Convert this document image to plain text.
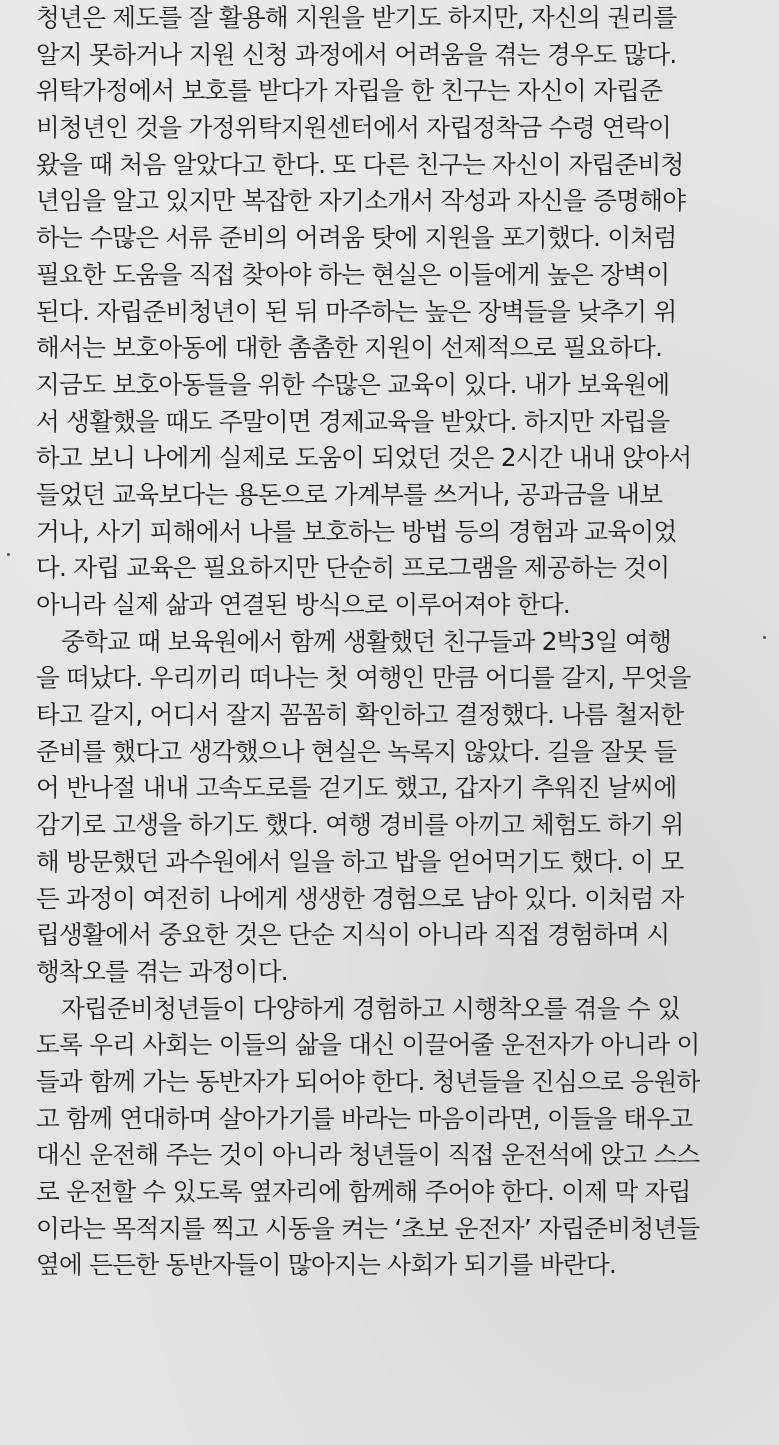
청년은 제도를 잘 활용해 지원을 받기도 하지만, 자신의 권리를
알지 못하거나 지원 신청 과정에서 어려움을 겪는 경우도 많다.
위탁가정에서 보호를 받다가 자립을 한 친구는 자신이 자립준
비청년인 것을 가정위탁지원센터에서 자립정착금 수령 연락이
왔을 때 처음 알았다고 한다. 또 다른 친구는 자신이 자립준비청
년임을 알고 있지만 복잡한 자기소개서 작성과 자신을 증명해야
하는 수많은 서류 준비의 어려움 탓에 지원을 포기했다. 이처럼
필요한 도움을 직접 찾아야 하는 현실은 이들에게 높은 장벽이
된다. 자립준비청년이 된 뒤 마주하는 높은 장벽들을 낮추기 위
해서는 보호아동에 대한 촘촘한 지원이 선제적으로 필요하다.
지금도 보호아동들을 위한 수많은 교육이 있다. 내가 보육원에
서 생활했을 때도 주말이면 경제교육을 받았다. 하지만 자립을
하고 보니 나에게 실제로 도움이 되었던 것은 2시간 내내 앉아서
들었던 교육보다는 용돈으로 가계부를 쓰거나, 공과금을 내보
거나, 사기 피해에서 나를 보호하는 방법 등의 경험과 교육이었
다. 자립 교육은 필요하지만 단순히 프로그램을 제공하는 것이
아니라 실제 삶과 연결된 방식으로 이루어져야 한다.
중학교 때 보육원에서 함께 생활했던 친구들과 2박3일 여행
을 떠났다. 우리끼리 떠나는 첫 여행인 만큼 어디를 갈지, 무엇을
타고 갈지, 어디서 잘지 꼼꼼히 확인하고 결정했다. 나름 철저한
준비를 했다고 생각했으나 현실은 녹록지 않았다. 길을 잘못 들
어 반나절 내내 고속도로를 걷기도 했고, 갑자기 추워진 날씨에
감기로 고생을 하기도 했다. 여행 경비를 아끼고 체험도 하기 위
해 방문했던 과수원에서 일을 하고 밥을 얻어먹기도 했다. 이 모
든 과정이 여전히 나에게 생생한 경험으로 남아 있다. 이처럼 자
립생활에서 중요한 것은 단순 지식이 아니라 직접 경험하며 시
행착오를 겪는 과정이다.
자립준비청년들이 다양하게 경험하고 시행착오를 겪을 수 있
도록 우리 사회는 이들의 삶을 대신 이끌어줄 운전자가 아니라 이
들과 함께 가는 동반자가 되어야 한다. 청년들을 진심으로 응원하
고 함께 연대하며 살아가기를 바라는 마음이라면, 이들을 태우고
대신 운전해 주는 것이 아니라 청년들이 직접 운전석에 앉고 스스
로 운전할 수 있도록 옆자리에 함께해 주어야 한다. 이제 막 자립
이라는 목적지를 찍고 시동을 켜는 ‘초보 운전자’ 자립준비청년들
옆에 든든한 동반자들이 많아지는 사회가 되기를 바란다.
